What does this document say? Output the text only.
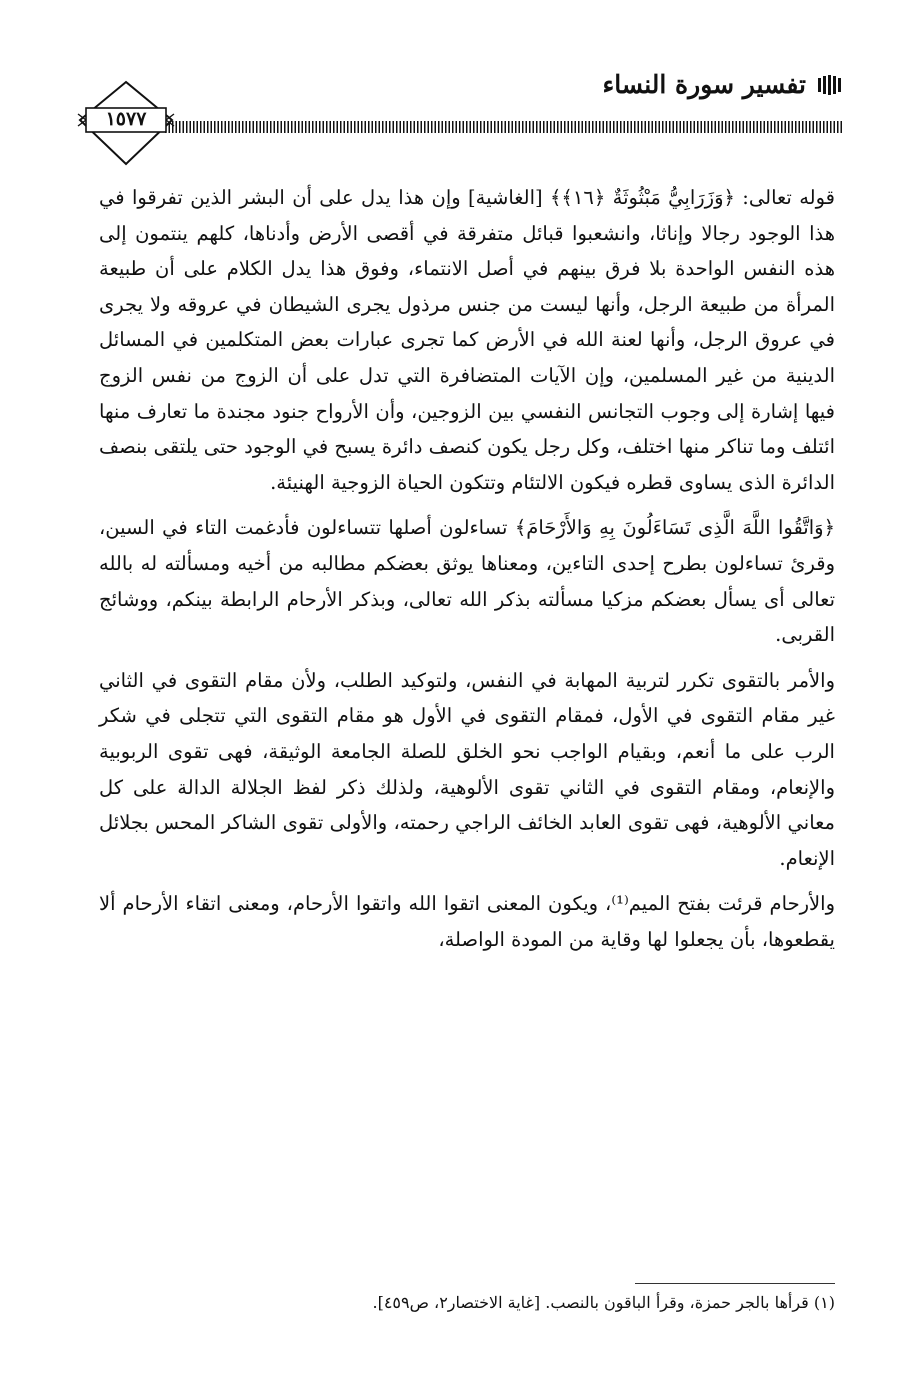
تفسير سورة النساء
١٥٧٧

قوله تعالى: ﴿وَزَرَابِيُّ مَبْثُوثَةٌ ﴿١٦﴾﴾ [الغاشية] وإن هذا يدل على أن البشر الذين تفرقوا في هذا الوجود رجالا وإناثا، وانشعبوا قبائل متفرقة في أقصى الأرض وأدناها، كلهم ينتمون إلى هذه النفس الواحدة بلا فرق بينهم في أصل الانتماء، وفوق هذا يدل الكلام على أن طبيعة المرأة من طبيعة الرجل، وأنها ليست من جنس مرذول يجرى الشيطان في عروقه ولا يجرى في عروق الرجل، وأنها لعنة الله في الأرض كما تجرى عبارات بعض المتكلمين في المسائل الدينية من غير المسلمين، وإن الآيات المتضافرة التي تدل على أن الزوج من نفس الزوج فيها إشارة إلى وجوب التجانس النفسي بين الزوجين، وأن الأرواح جنود مجندة ما تعارف منها ائتلف وما تناكر منها اختلف، وكل رجل يكون كنصف دائرة يسبح في الوجود حتى يلتقى بنصف الدائرة الذى يساوى قطره فيكون الالتئام وتتكون الحياة الزوجية الهنيئة.

﴿وَاتَّقُوا اللَّهَ الَّذِى تَسَاءَلُونَ بِهِ وَالأَرْحَامَ﴾ تساءلون أصلها تتساءلون فأدغمت التاء في السين، وقرئ تساءلون بطرح إحدى التاءين، ومعناها يوثق بعضكم مطالبه من أخيه ومسألته له بالله تعالى أى يسأل بعضكم مزكيا مسألته بذكر الله تعالى، وبذكر الأرحام الرابطة بينكم، ووشائج القربى.

والأمر بالتقوى تكرر لتربية المهابة في النفس، ولتوكيد الطلب، ولأن مقام التقوى في الثاني غير مقام التقوى في الأول، فمقام التقوى في الأول هو مقام التقوى التي تتجلى في شكر الرب على ما أنعم، وبقيام الواجب نحو الخلق للصلة الجامعة الوثيقة، فهى تقوى الربوبية والإنعام، ومقام التقوى في الثاني تقوى الألوهية، ولذلك ذكر لفظ الجلالة الدالة على كل معاني الألوهية، فهى تقوى العابد الخائف الراجي رحمته، والأولى تقوى الشاكر المحس بجلائل الإنعام.

والأرحام قرئت بفتح الميم⁽¹⁾، ويكون المعنى اتقوا الله واتقوا الأرحام، ومعنى اتقاء الأرحام ألا يقطعوها، بأن يجعلوا لها وقاية من المودة الواصلة،

(١) قرأها بالجر حمزة، وقرأ الباقون بالنصب. [غاية الاختصار٢، ص٤٥٩].
